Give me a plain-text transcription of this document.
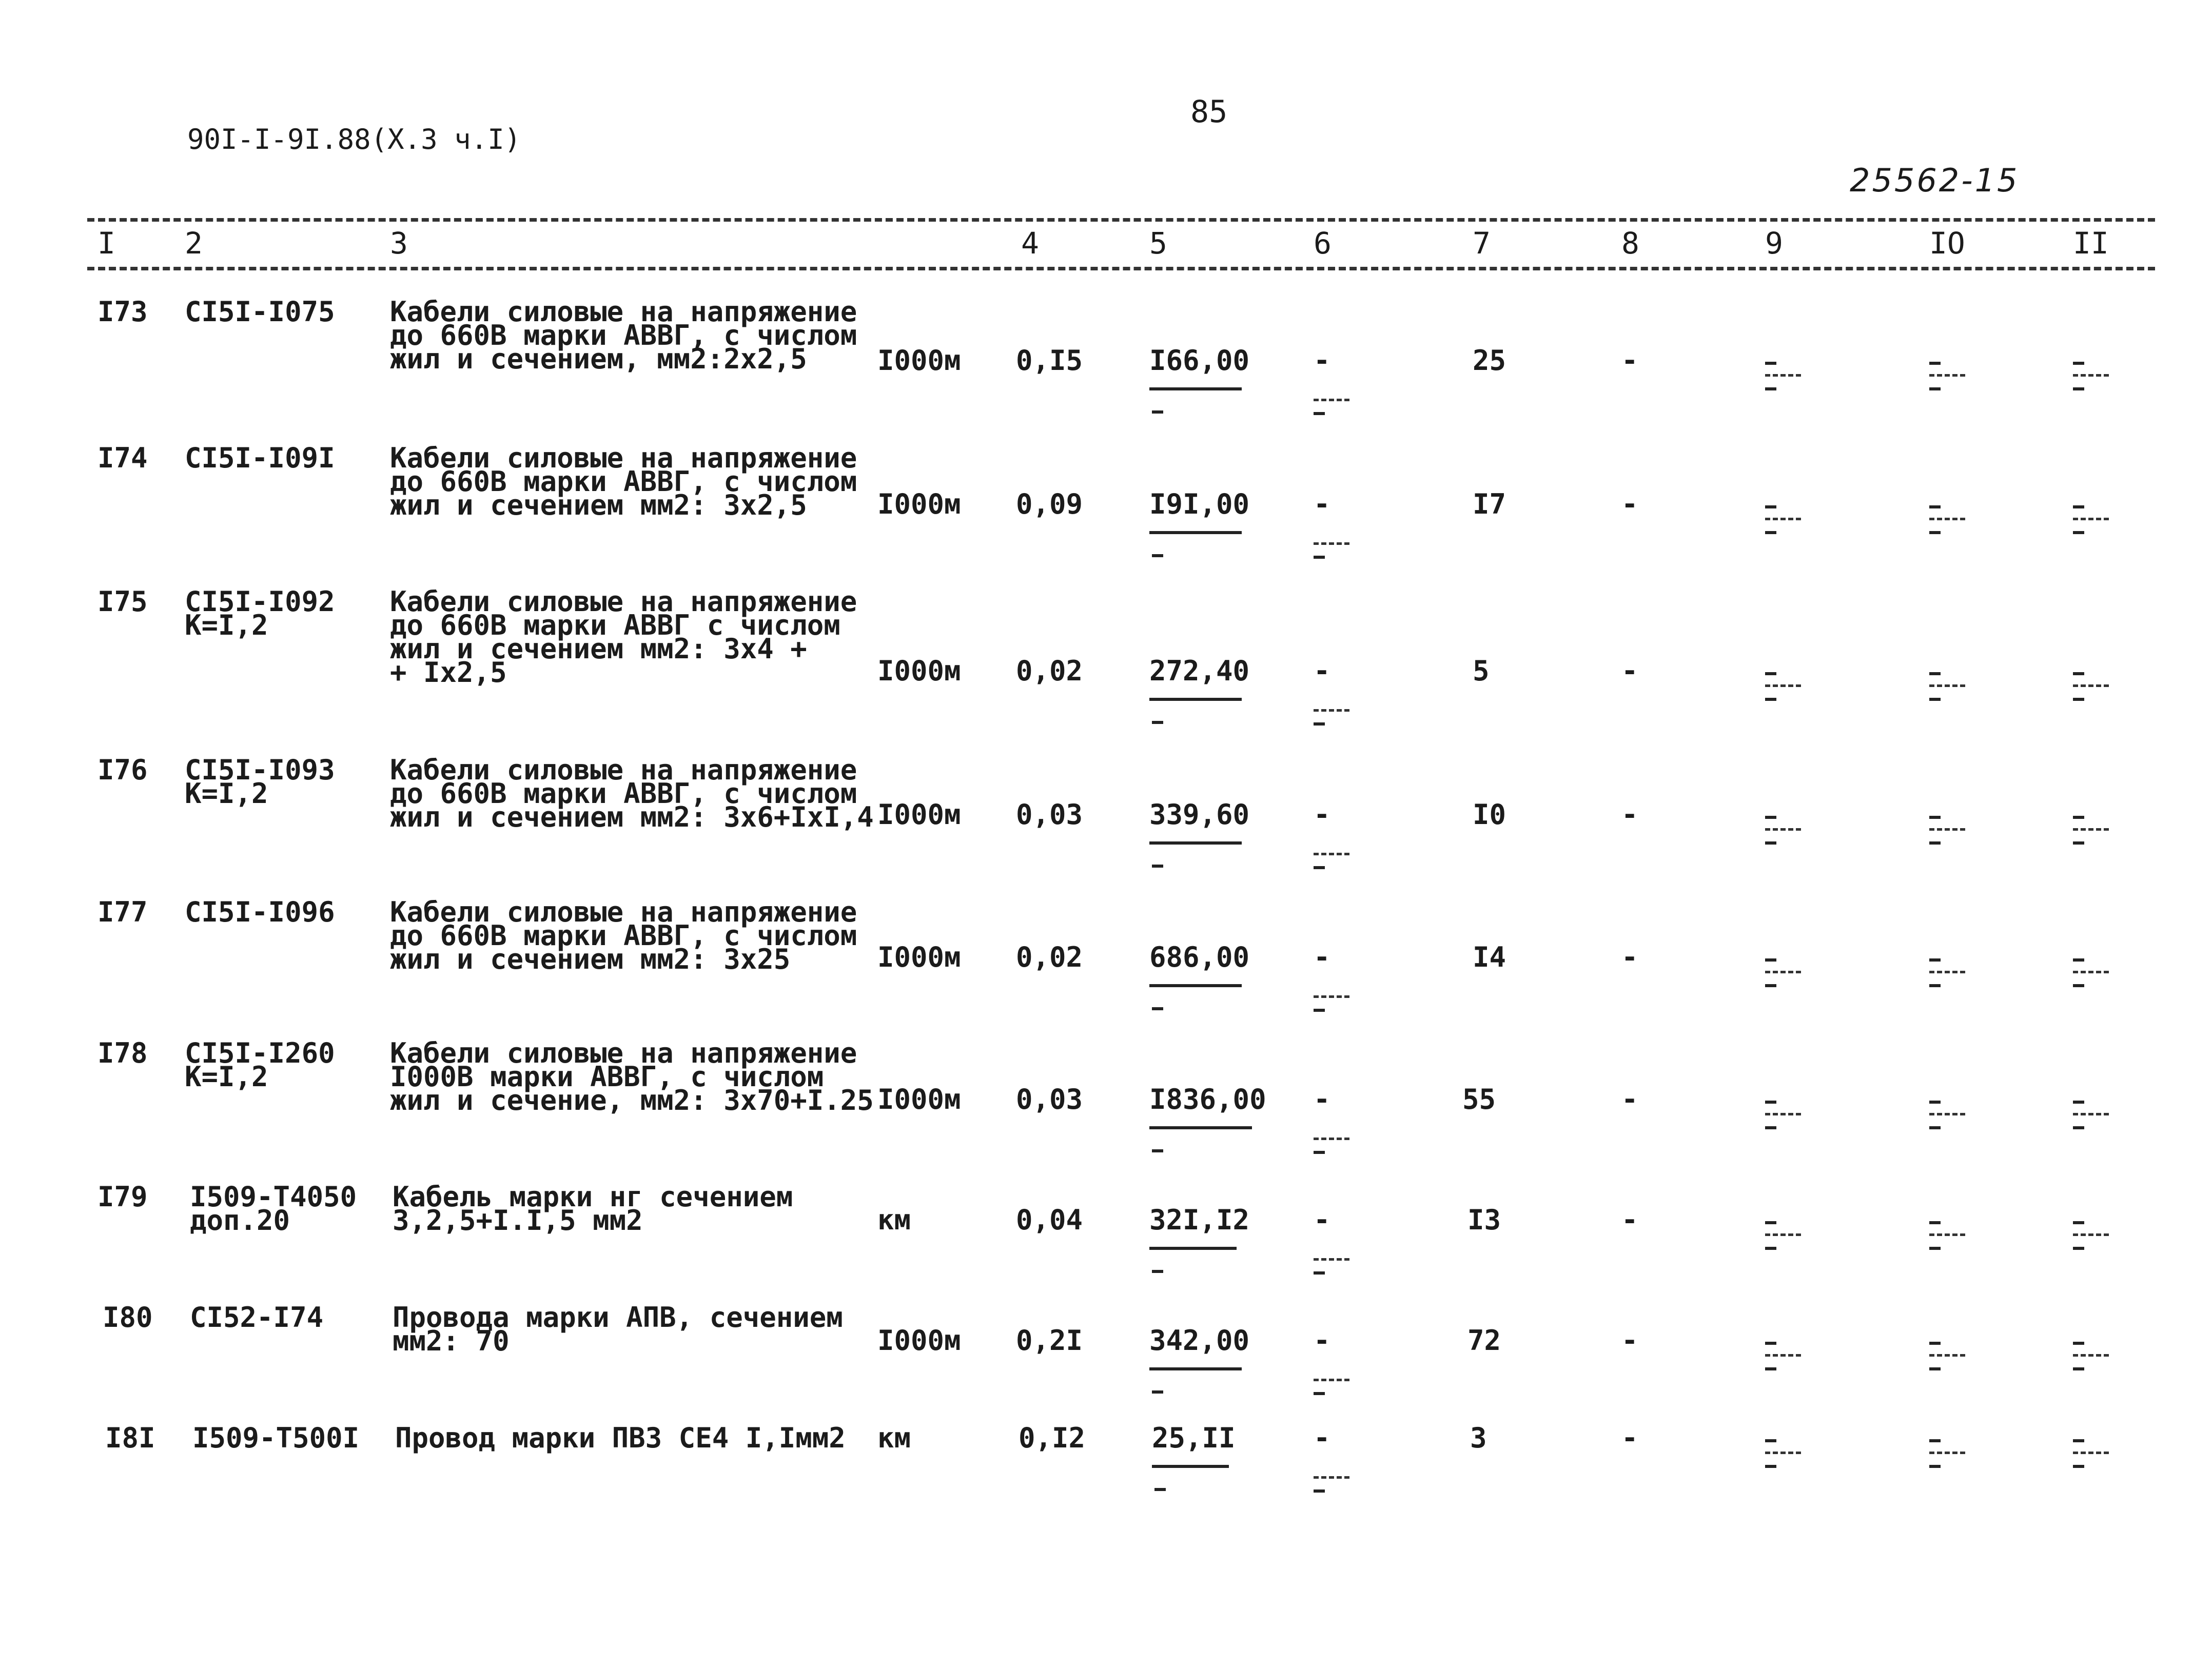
90I-I-9I.88(X.3 ч.I)
85
25562-15
I 2	3	4	5	6	7	8	9	IO	II
I73 CI5I-I075 Кабели силовые на напряжение
до 660В марки АВВГ, с числом
жил и сечением, мм2:2х2,5	I000м 0,I5 I66,00 -	25	-
I74 CI5I-I09I Кабели силовые на напряжение
до 660В марки АВВГ, с числом
жил и сечением мм2: 3х2,5	I000м 0,09 I9I,00 -	I7	-
I75 CI5I-I092
К=I,2
Кабели силовые на напряжение
до 660В марки АВВГ с числом
жил и сечением мм2: 3х4 +
+ Iх2,5	I000м 0,02 272,40 -	5	-
I76 CI5I-I093
К=I,2
Кабели силовые на напряжение
до 660В марки АВВГ, с числом
жил и сечением мм2: 3х6+IхI,4 I000м 0,03 339,60 -	I0	-
I77 CI5I-I096 Кабели силовые на напряжение
до 660В марки АВВГ, с числом
жил и сечением мм2: 3х25	I000м 0,02 686,00 -	I4	-
I78 CI5I-I260
К=I,2
Кабели силовые на напряжение
I000В марки АВВГ, с числом
жил и сечение, мм2: 3х70+I.25 I000м 0,03 I836,00 -	55	-
I79 I509-Т4050
доп.20
Кабель марки нг сечением
3,2,5+I.I,5 мм2	км	0,04 32I,I2 -	I3	-
I80 CI52-I74 Провода марки АПВ, сечением
мм2: 70	I000м 0,2I 342,00 -	72	-
I8I I509-Т500I Провод марки ПВ3 СЕ4 I,Iмм2 км	0,I2 25,II	-	3	-
